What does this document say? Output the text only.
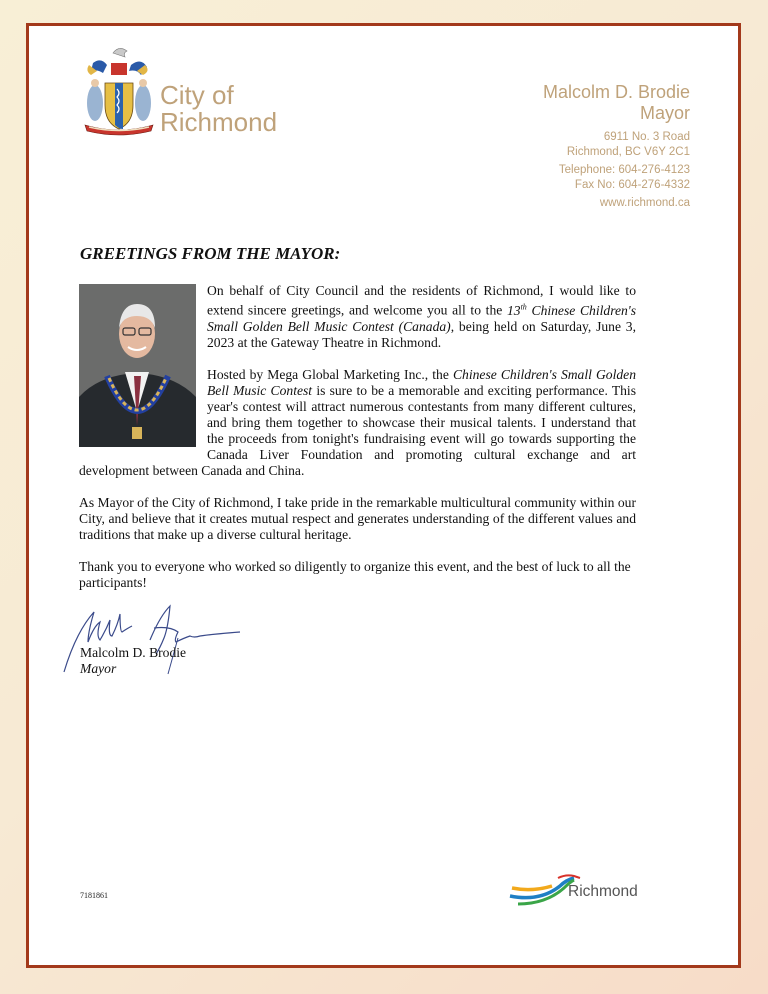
City of
Richmond
Malcolm D. Brodie
Mayor
6911 No. 3 Road
Richmond, BC V6Y 2C1
Telephone: 604-276-4123
Fax No: 604-276-4332
www.richmond.ca
GREETINGS FROM THE MAYOR:

On behalf of City Council and the residents of Richmond, I would like to extend sincere greetings, and welcome you all to the 13th Chinese Children's Small Golden Bell Music Contest (Canada), being held on Saturday, June 3, 2023 at the Gateway Theatre in Richmond.

Hosted by Mega Global Marketing Inc., the Chinese Children's Small Golden Bell Music Contest is sure to be a memorable and exciting performance. This year's contest will attract numerous contestants from many different cultures, and bring them together to showcase their musical talents. I understand that the proceeds from tonight's fundraising event will go towards supporting the Canada Liver Foundation and promoting cultural exchange and art development between Canada and China.

As Mayor of the City of Richmond, I take pride in the remarkable multicultural community within our City, and believe that it creates mutual respect and generates understanding of the different values and traditions that make up a diverse cultural heritage.

Thank you to everyone who worked so diligently to organize this event, and the best of luck to all the participants!

Malcolm D. Brodie
Mayor
7181861	Richmond
